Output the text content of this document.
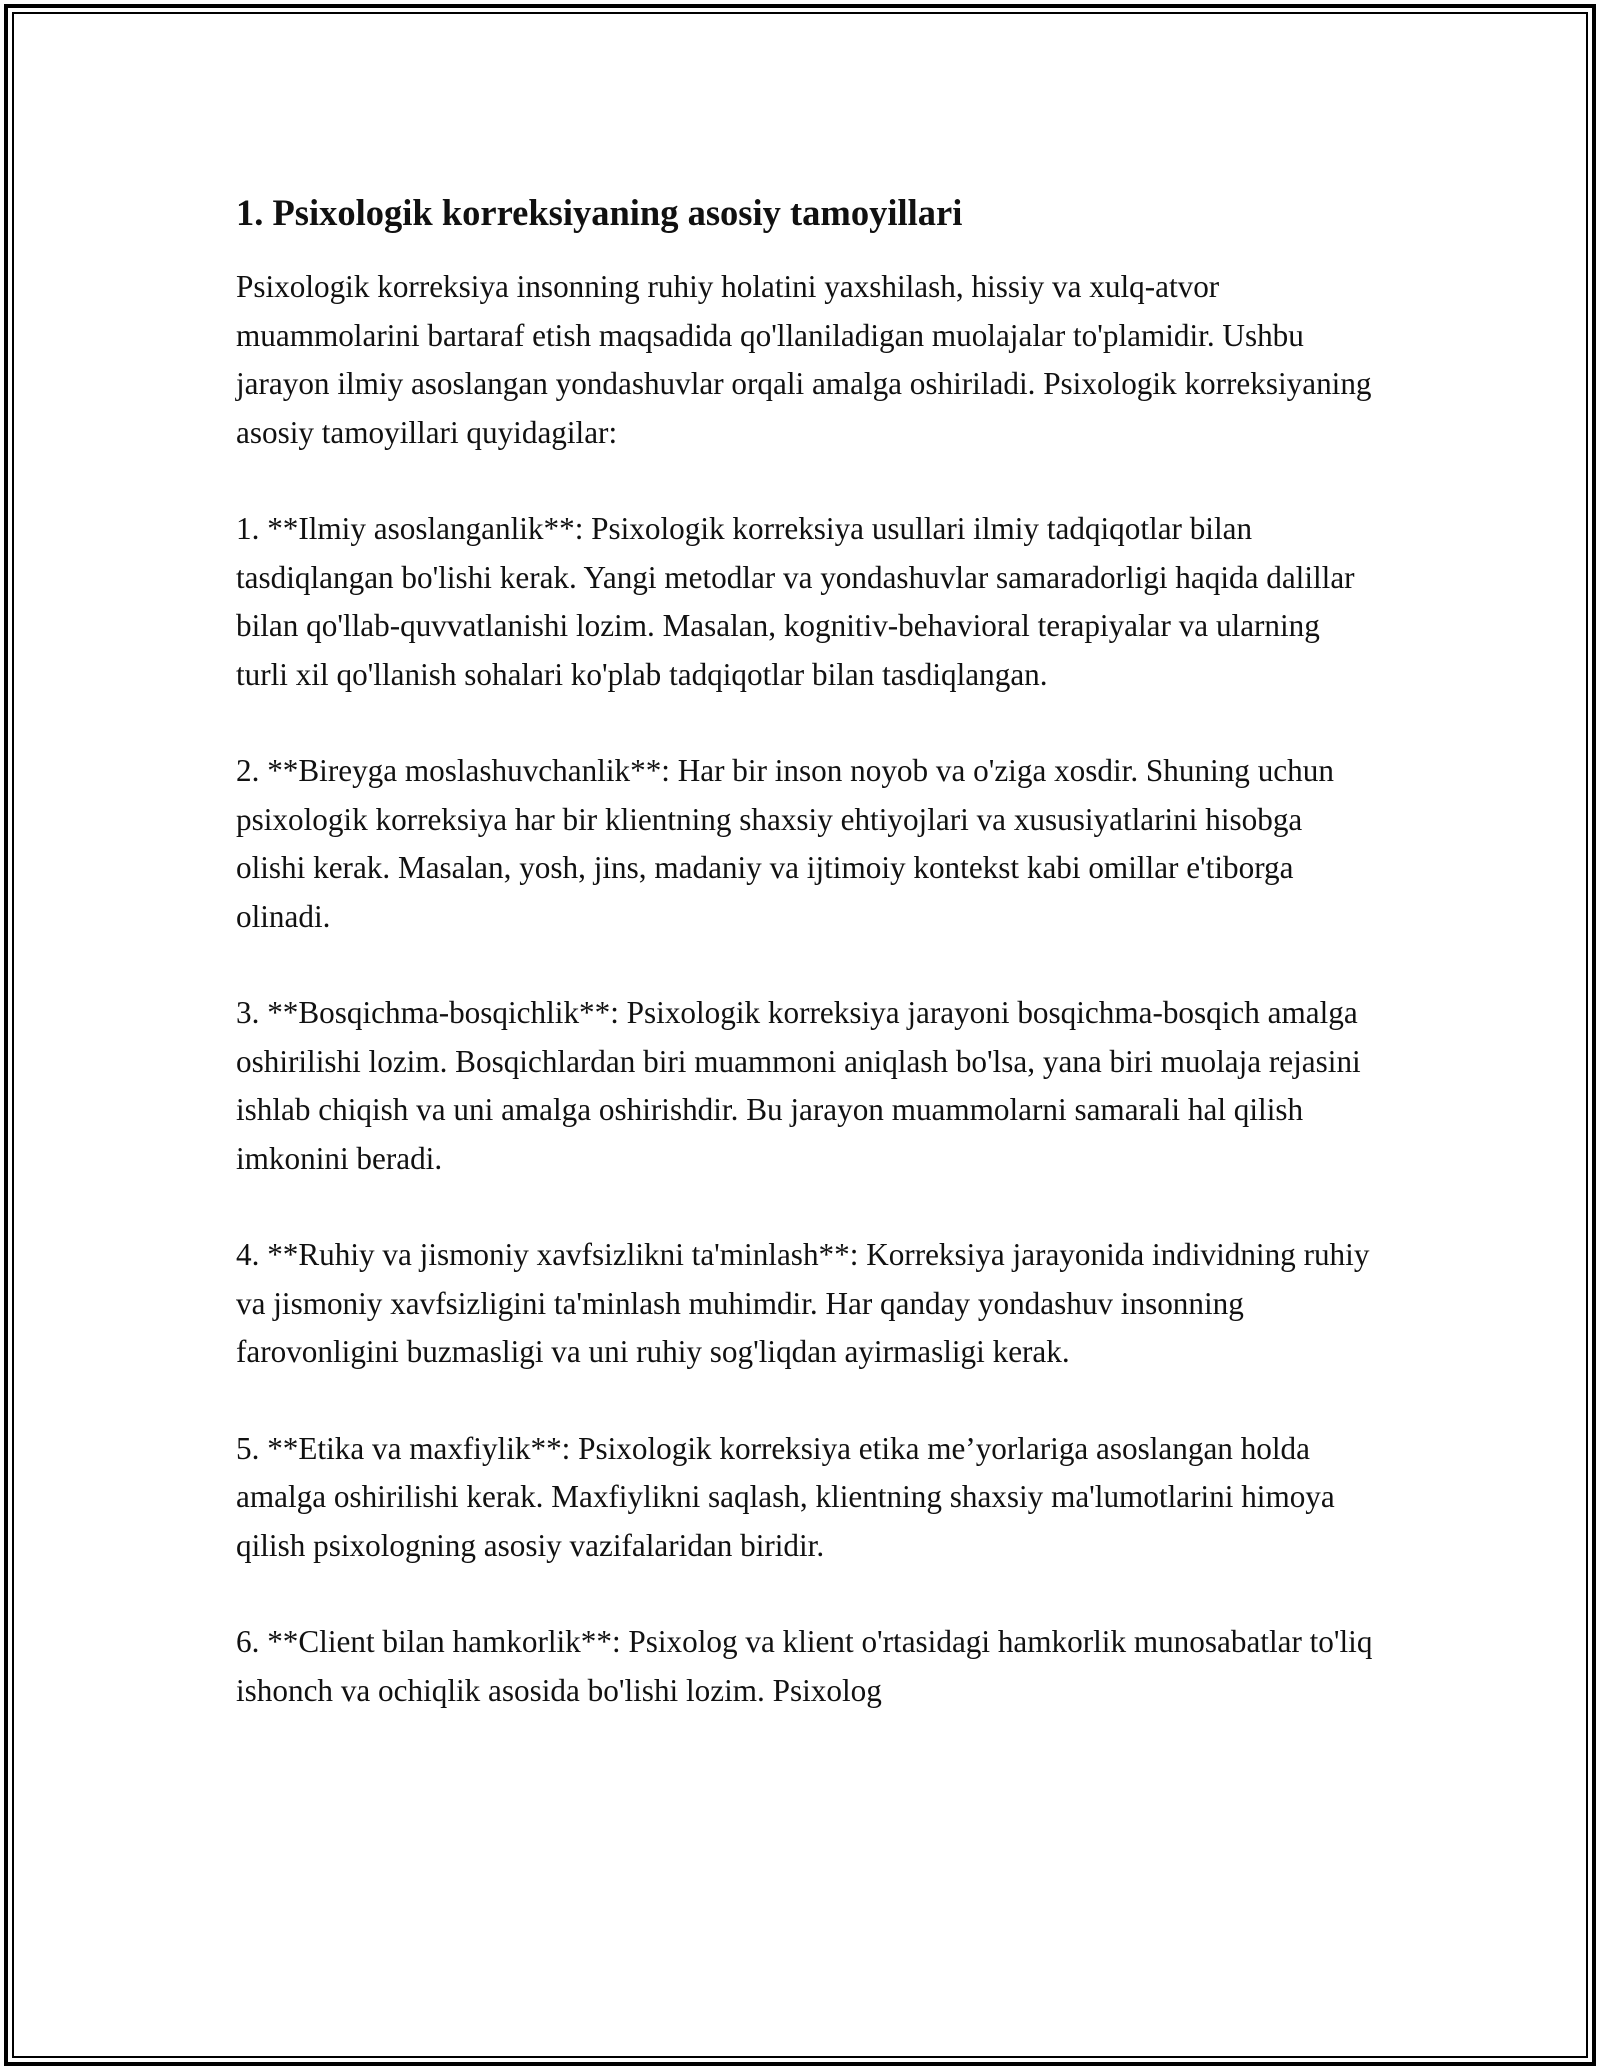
1. Psixologik korreksiyaning asosiy tamoyillari

Psixologik korreksiya insonning ruhiy holatini yaxshilash, hissiy va xulq-atvor muammolarini bartaraf etish maqsadida qo'llaniladigan muolajalar to'plamidir. Ushbu jarayon ilmiy asoslangan yondashuvlar orqali amalga oshiriladi. Psixologik korreksiyaning asosiy tamoyillari quyidagilar:

1. **Ilmiy asoslanganlik**: Psixologik korreksiya usullari ilmiy tadqiqotlar bilan tasdiqlangan bo'lishi kerak. Yangi metodlar va yondashuvlar samaradorligi haqida dalillar bilan qo'llab-quvvatlanishi lozim. Masalan, kognitiv-behavioral terapiyalar va ularning turli xil qo'llanish sohalari ko'plab tadqiqotlar bilan tasdiqlangan.

2. **Bireyga moslashuvchanlik**: Har bir inson noyob va o'ziga xosdir. Shuning uchun psixologik korreksiya har bir klientning shaxsiy ehtiyojlari va xususiyatlarini hisobga olishi kerak. Masalan, yosh, jins, madaniy va ijtimoiy kontekst kabi omillar e'tiborga olinadi.

3. **Bosqichma-bosqichlik**: Psixologik korreksiya jarayoni bosqichma-bosqich amalga oshirilishi lozim. Bosqichlardan biri muammoni aniqlash bo'lsa, yana biri muolaja rejasini ishlab chiqish va uni amalga oshirishdir. Bu jarayon muammolarni samarali hal qilish imkonini beradi.

4. **Ruhiy va jismoniy xavfsizlikni ta'minlash**: Korreksiya jarayonida individning ruhiy va jismoniy xavfsizligini ta'minlash muhimdir. Har qanday yondashuv insonning farovonligini buzmasligi va uni ruhiy sog'liqdan ayirmasligi kerak.

5. **Etika va maxfiylik**: Psixologik korreksiya etika me’yorlariga asoslangan holda amalga oshirilishi kerak. Maxfiylikni saqlash, klientning shaxsiy ma'lumotlarini himoya qilish psixologning asosiy vazifalaridan biridir.

6. **Client bilan hamkorlik**: Psixolog va klient o'rtasidagi hamkorlik munosabatlar to'liq ishonch va ochiqlik asosida bo'lishi lozim. Psixolog
